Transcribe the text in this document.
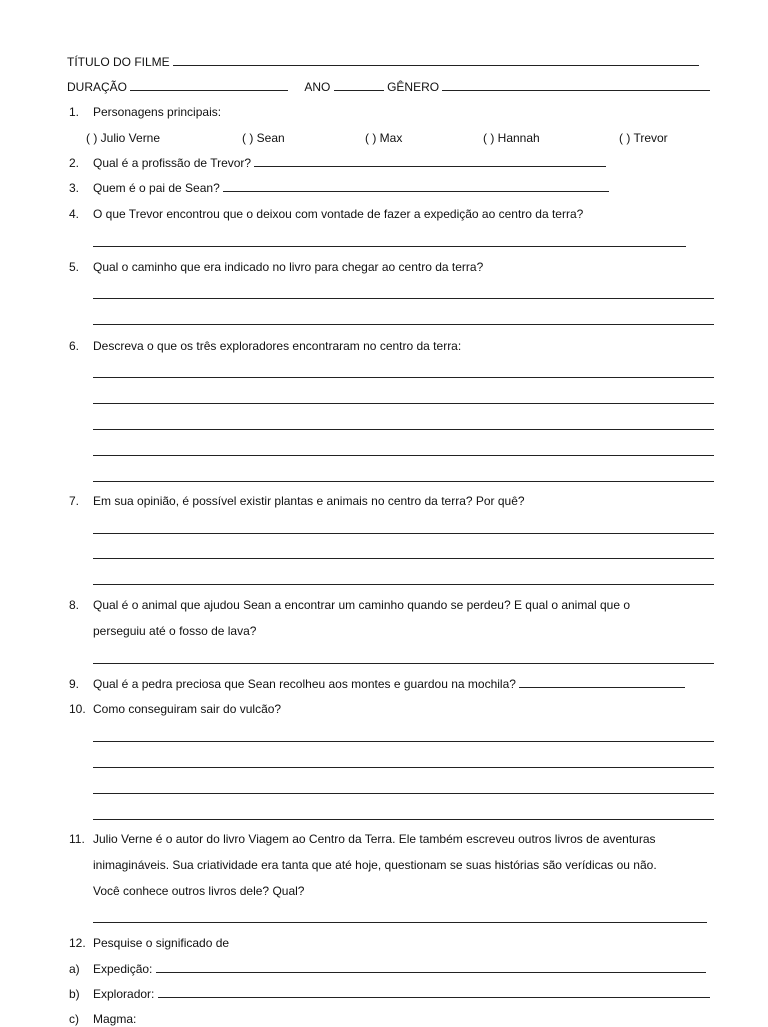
TÍTULO DO FILME
DURAÇÃO	ANO	GÊNERO
1.	Personagens principais:
( ) Julio Verne	( ) Sean	( ) Max	( ) Hannah	( ) Trevor
2.	Qual é a profissão de Trevor?
3.	Quem é o pai de Sean?
4.	O que Trevor encontrou que o deixou com vontade de fazer a expedição ao centro da terra?
5.	Qual o caminho que era indicado no livro para chegar ao centro da terra?
6.	Descreva o que os três exploradores encontraram no centro da terra:
7.	Em sua opinião, é possível existir plantas e animais no centro da terra? Por quê?
8.	Qual é o animal que ajudou Sean a encontrar um caminho quando se perdeu? E qual o animal que o
perseguiu até o fosso de lava?
9.	Qual é a pedra preciosa que Sean recolheu aos montes e guardou na mochila?
10. Como conseguiram sair do vulcão?
11. Julio Verne é o autor do livro Viagem ao Centro da Terra. Ele também escreveu outros livros de aventuras
inimagináveis. Sua criatividade era tanta que até hoje, questionam se suas histórias são verídicas ou não.
Você conhece outros livros dele? Qual?
12. Pesquise o significado de
a)	Expedição:
b)	Explorador:
c)	Magma:
